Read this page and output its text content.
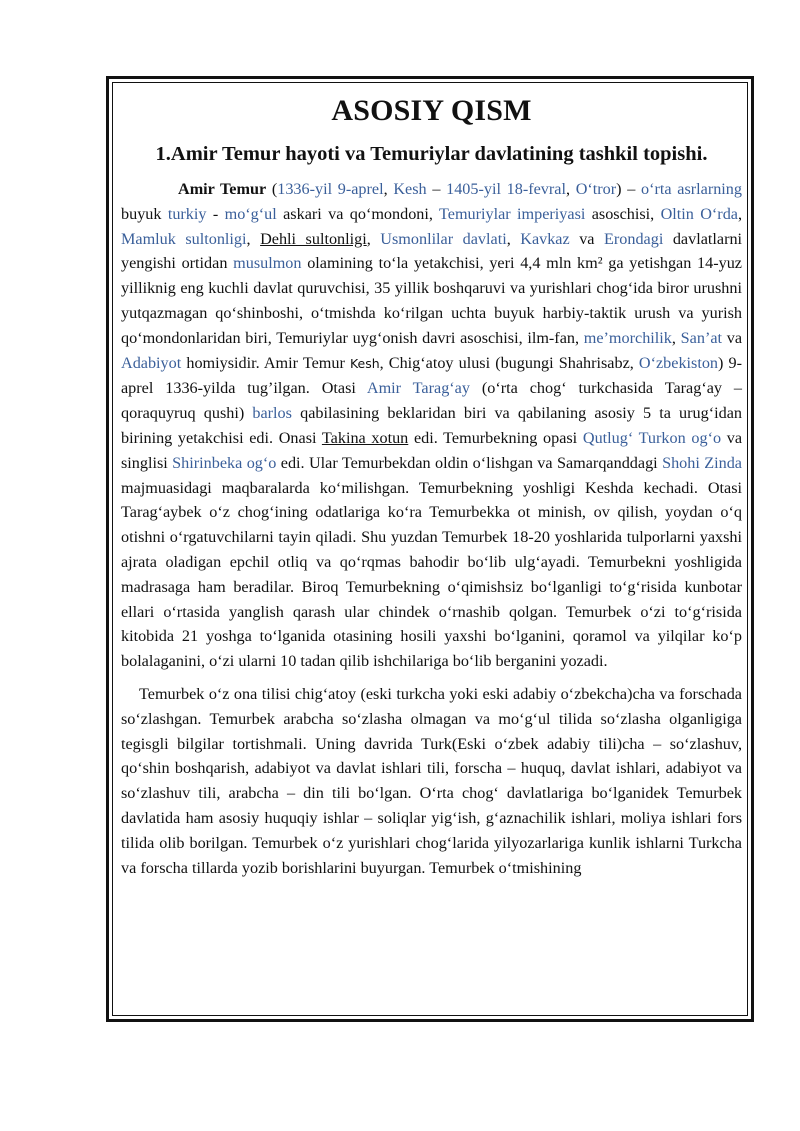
ASOSIY QISM
1.Amir Temur hayoti va Temuriylar davlatining tashkil topishi.

Amir Temur (1336-yil 9-aprel, Kesh – 1405-yil 18-fevral, Oʻtror) – oʻrta asrlarning buyuk turkiy - moʻgʻul askari va qoʻmondoni, Temuriylar imperiyasi asoschisi, Oltin Oʻrda, Mamluk sultonligi, Dehli sultonligi, Usmonlilar davlati, Kavkaz va Erondagi davlatlarni yengishi ortidan musulmon olamining toʻla yetakchisi, yeri 4,4 mln km² ga yetishgan 14-yuz yilliknig eng kuchli davlat quruvchisi, 35 yillik boshqaruvi va yurishlari chogʻida biror urushni yutqazmagan qoʻshinboshi, oʻtmishda koʻrilgan uchta buyuk harbiy-taktik urush va yurish qoʻmondonlaridan biri, Temuriylar uygʻonish davri asoschisi, ilm-fan, meʼmorchilik, Sanʼat va Adabiyot homiysidir. Amir Temur Kesh, Chigʻatoy ulusi (bugungi Shahrisabz, Oʻzbekiston) 9-aprel 1336-yilda tugʼilgan. Otasi Amir Taragʻay (oʻrta chogʻ turkchasida Taragʻay – qoraquyruq qushi) barlos qabilasining beklaridan biri va qabilaning asosiy 5 ta urugʻidan birining yetakchisi edi. Onasi Takina xotun edi. Temurbekning opasi Qutlugʻ Turkon ogʻo va singlisi Shirinbeka ogʻo edi. Ular Temurbekdan oldin oʻlishgan va Samarqanddagi Shohi Zinda majmuasidagi maqbaralarda koʻmilishgan. Temurbekning yoshligi Keshda kechadi. Otasi Taragʻaybek oʻz chogʻining odatlariga koʻra Temurbekka ot minish, ov qilish, yoydan oʻq otishni oʻrgatuvchilarni tayin qiladi. Shu yuzdan Temurbek 18-20 yoshlarida tulporlarni yaxshi ajrata oladigan epchil otliq va qoʻrqmas bahodir boʻlib ulgʻayadi. Temurbekni yoshligida madrasaga ham beradilar. Biroq Temurbekning oʻqimishsiz boʻlganligi toʻgʻrisida kunbotar ellari oʻrtasida yanglish qarash ular chindek oʻrnashib qolgan. Temurbek oʻzi toʻgʻrisida kitobida 21 yoshga toʻlganida otasining hosili yaxshi boʻlganini, qoramol va yilqilar koʻp bolalaganini, oʻzi ularni 10 tadan qilib ishchilariga boʻlib berganini yozadi.

Temurbek oʻz ona tilisi chigʻatoy (eski turkcha yoki eski adabiy oʻzbekcha)cha va forschada soʻzlashgan. Temurbek arabcha soʻzlasha olmagan va moʻgʻul tilida soʻzlasha olganligiga tegisgli bilgilar tortishmali. Uning davrida Turk(Eski oʻzbek adabiy tili)cha – soʻzlashuv, qoʻshin boshqarish, adabiyot va davlat ishlari tili, forscha – huquq, davlat ishlari, adabiyot va soʻzlashuv tili, arabcha – din tili boʻlgan. Oʻrta chogʻ davlatlariga boʻlganidek Temurbek davlatida ham asosiy huquqiy ishlar – soliqlar yigʻish, gʻaznachilik ishlari, moliya ishlari fors tilida olib borilgan. Temurbek oʻz yurishlari chogʻlarida yilyozarlariga kunlik ishlarni Turkcha va forscha tillarda yozib borishlarini buyurgan. Temurbek oʻtmishining
